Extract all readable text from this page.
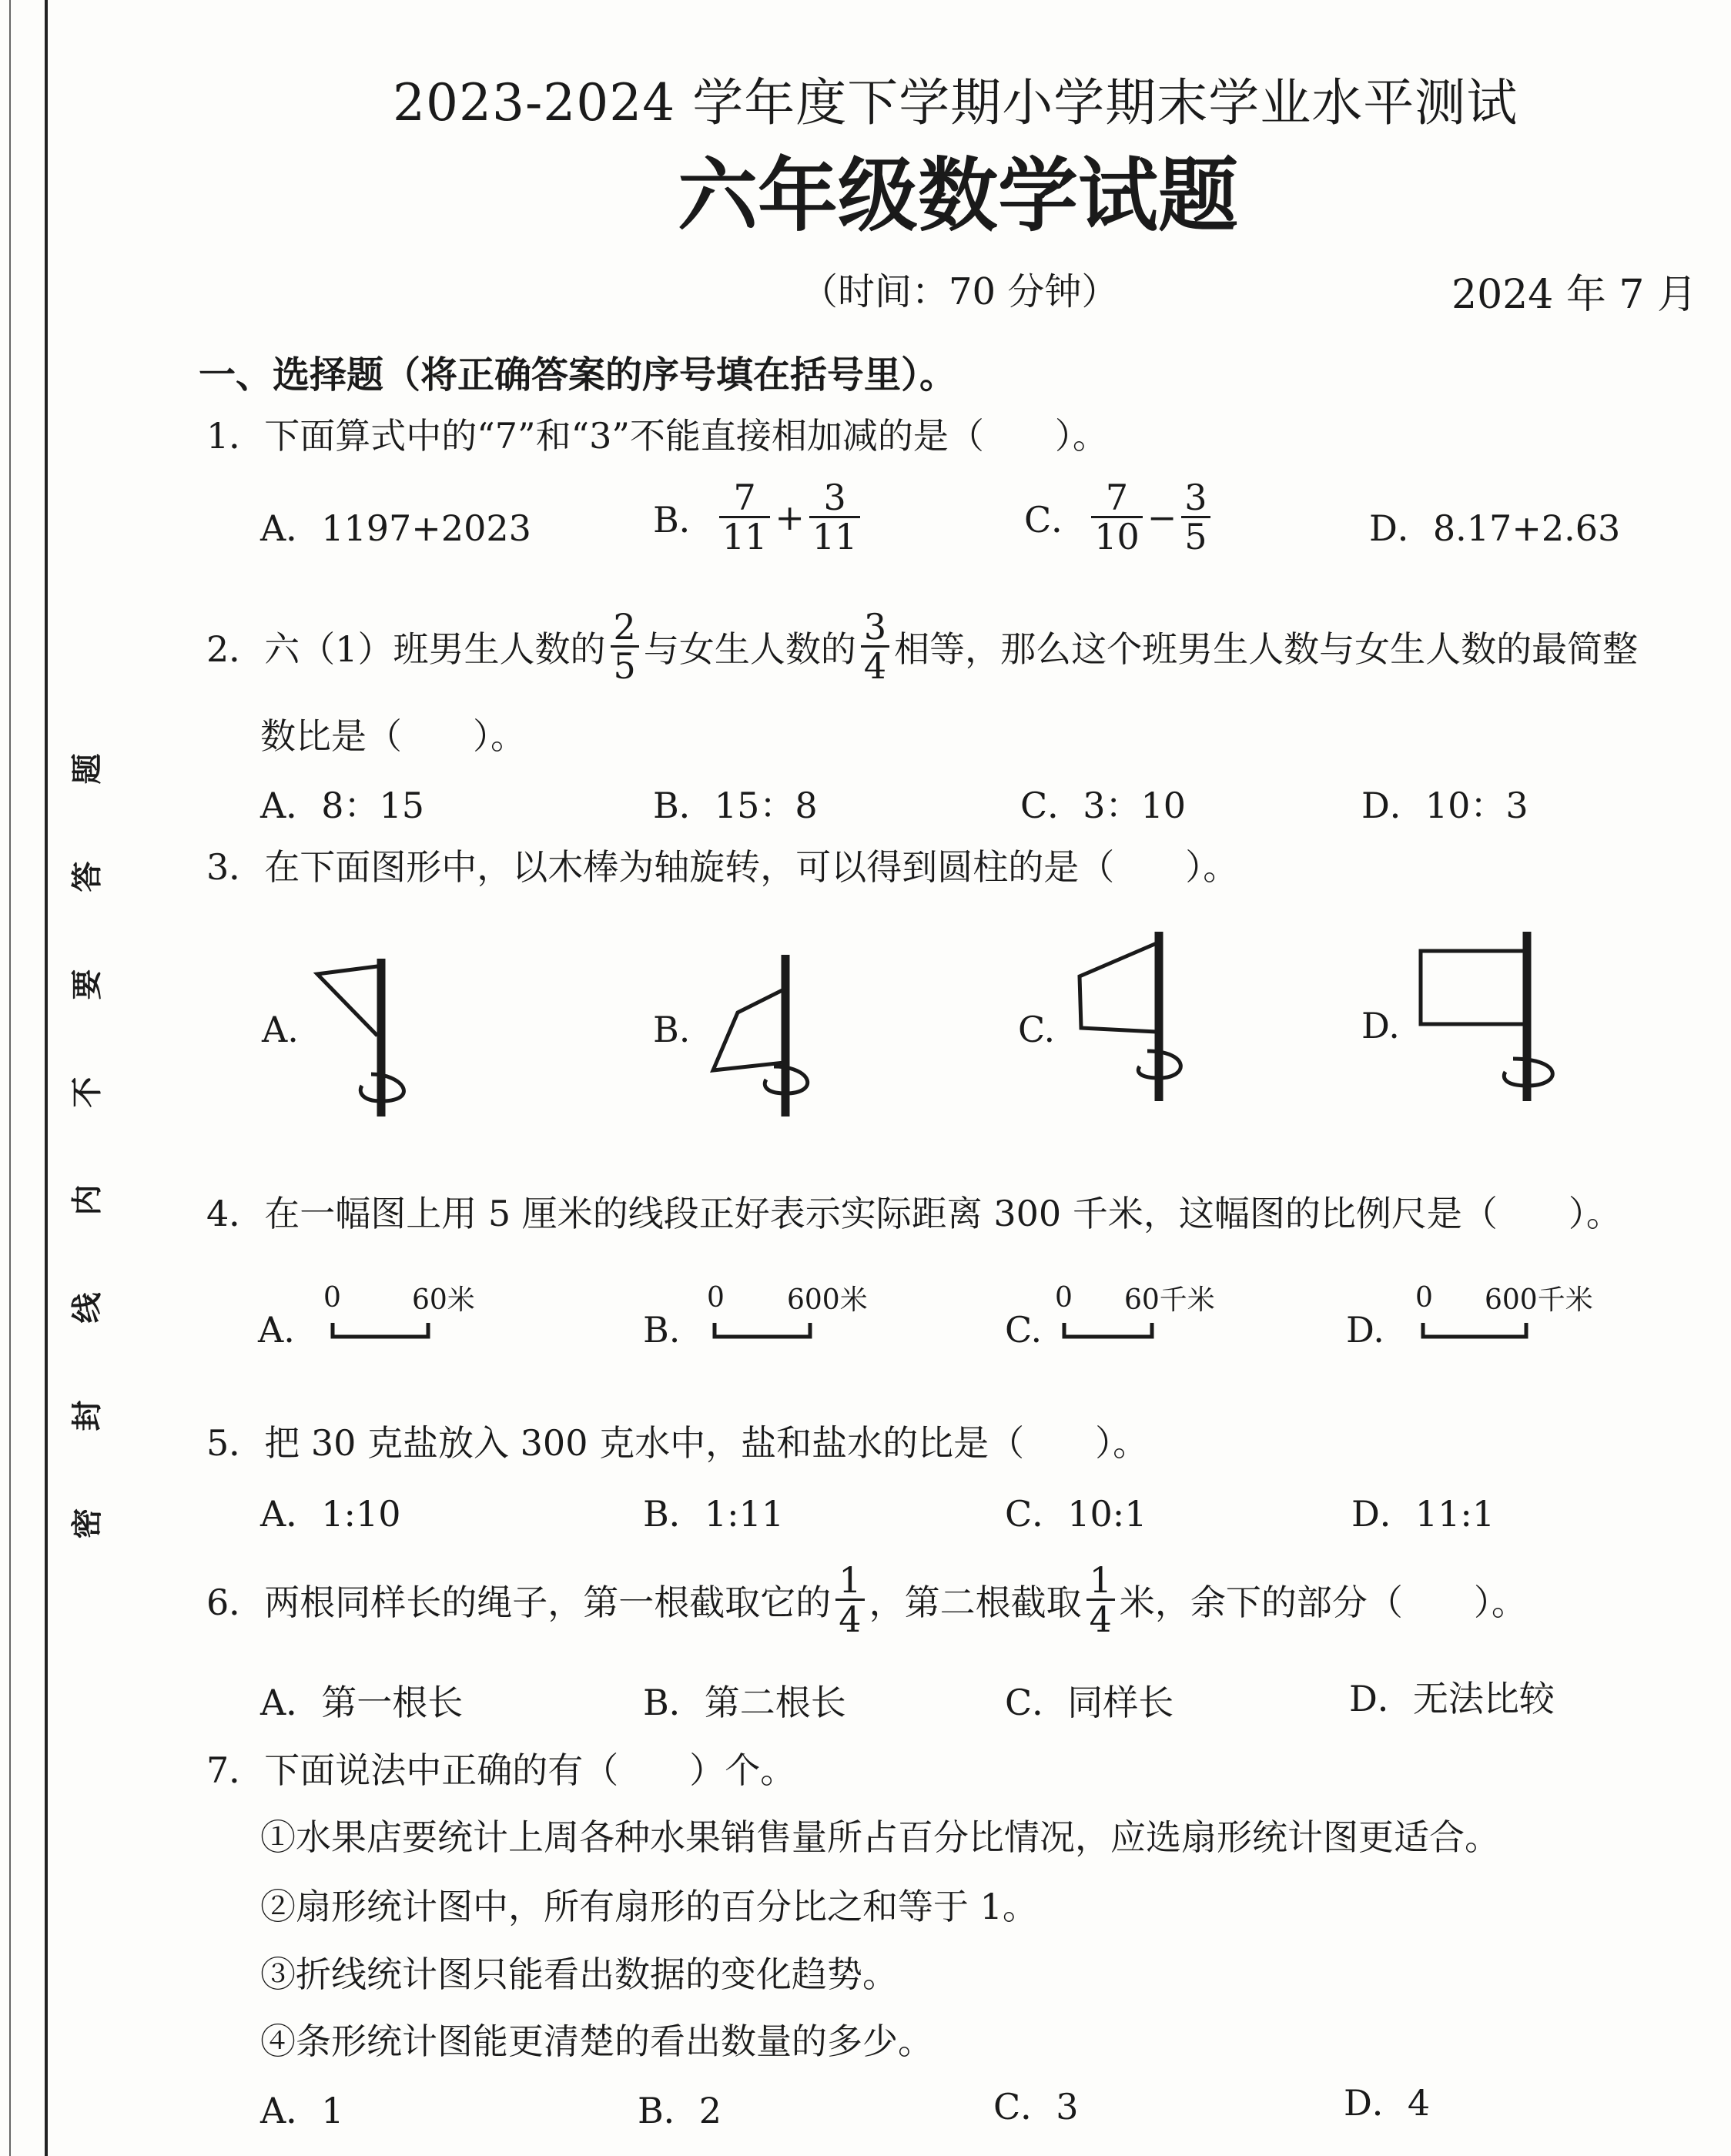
题
答
要
不
内
线
封
密
2023-2024 学年度下学期小学期末学业水平测试
六年级数学试题
（时间：70 分钟）	2024 年 7 月
一、选择题（将正确答案的序号填在括号里）。
1．下面算式中的“7”和“3”不能直接相加减的是（　　）。
A．1197+2023	B． $\frac{7}{11} + \frac{3}{11}$	C． $\frac{7}{10} - \frac{3}{5}$	D．8.17+2.63
2．六（1）班男生人数的 $\frac{2}{5}$ 与女生人数的 $\frac{3}{4}$ 相等，那么这个班男生人数与女生人数的最简整
数比是（　　）。
A．8：15	B．15：8	C．3：10	D．10：3
3．在下面图形中，以木棒为轴旋转，可以得到圆柱的是（　　）。
A.	B.	C.	D.
4．在一幅图上用 5 厘米的线段正好表示实际距离 300 千米，这幅图的比例尺是（　　）。
A.
0	60米
B.
0 600米
C.
0 60千米
D.
0 600千米
5．把 30 克盐放入 300 克水中，盐和盐水的比是（　　）。
A．1:10	B．1:11	C．10:1	D．11:1
6．两根同样长的绳子，第一根截取它的 $\frac{1}{4}$ ，第二根截取 $\frac{1}{4}$ 米，余下的部分（　　）。
A．第一根长	B．第二根长	C．同样长	D．无法比较
7．下面说法中正确的有（　　）个。
①水果店要统计上周各种水果销售量所占百分比情况，应选扇形统计图更适合。
②扇形统计图中，所有扇形的百分比之和等于 1。
③折线统计图只能看出数据的变化趋势。
④条形统计图能更清楚的看出数量的多少。
A．1	B．2	C．3	D．4
